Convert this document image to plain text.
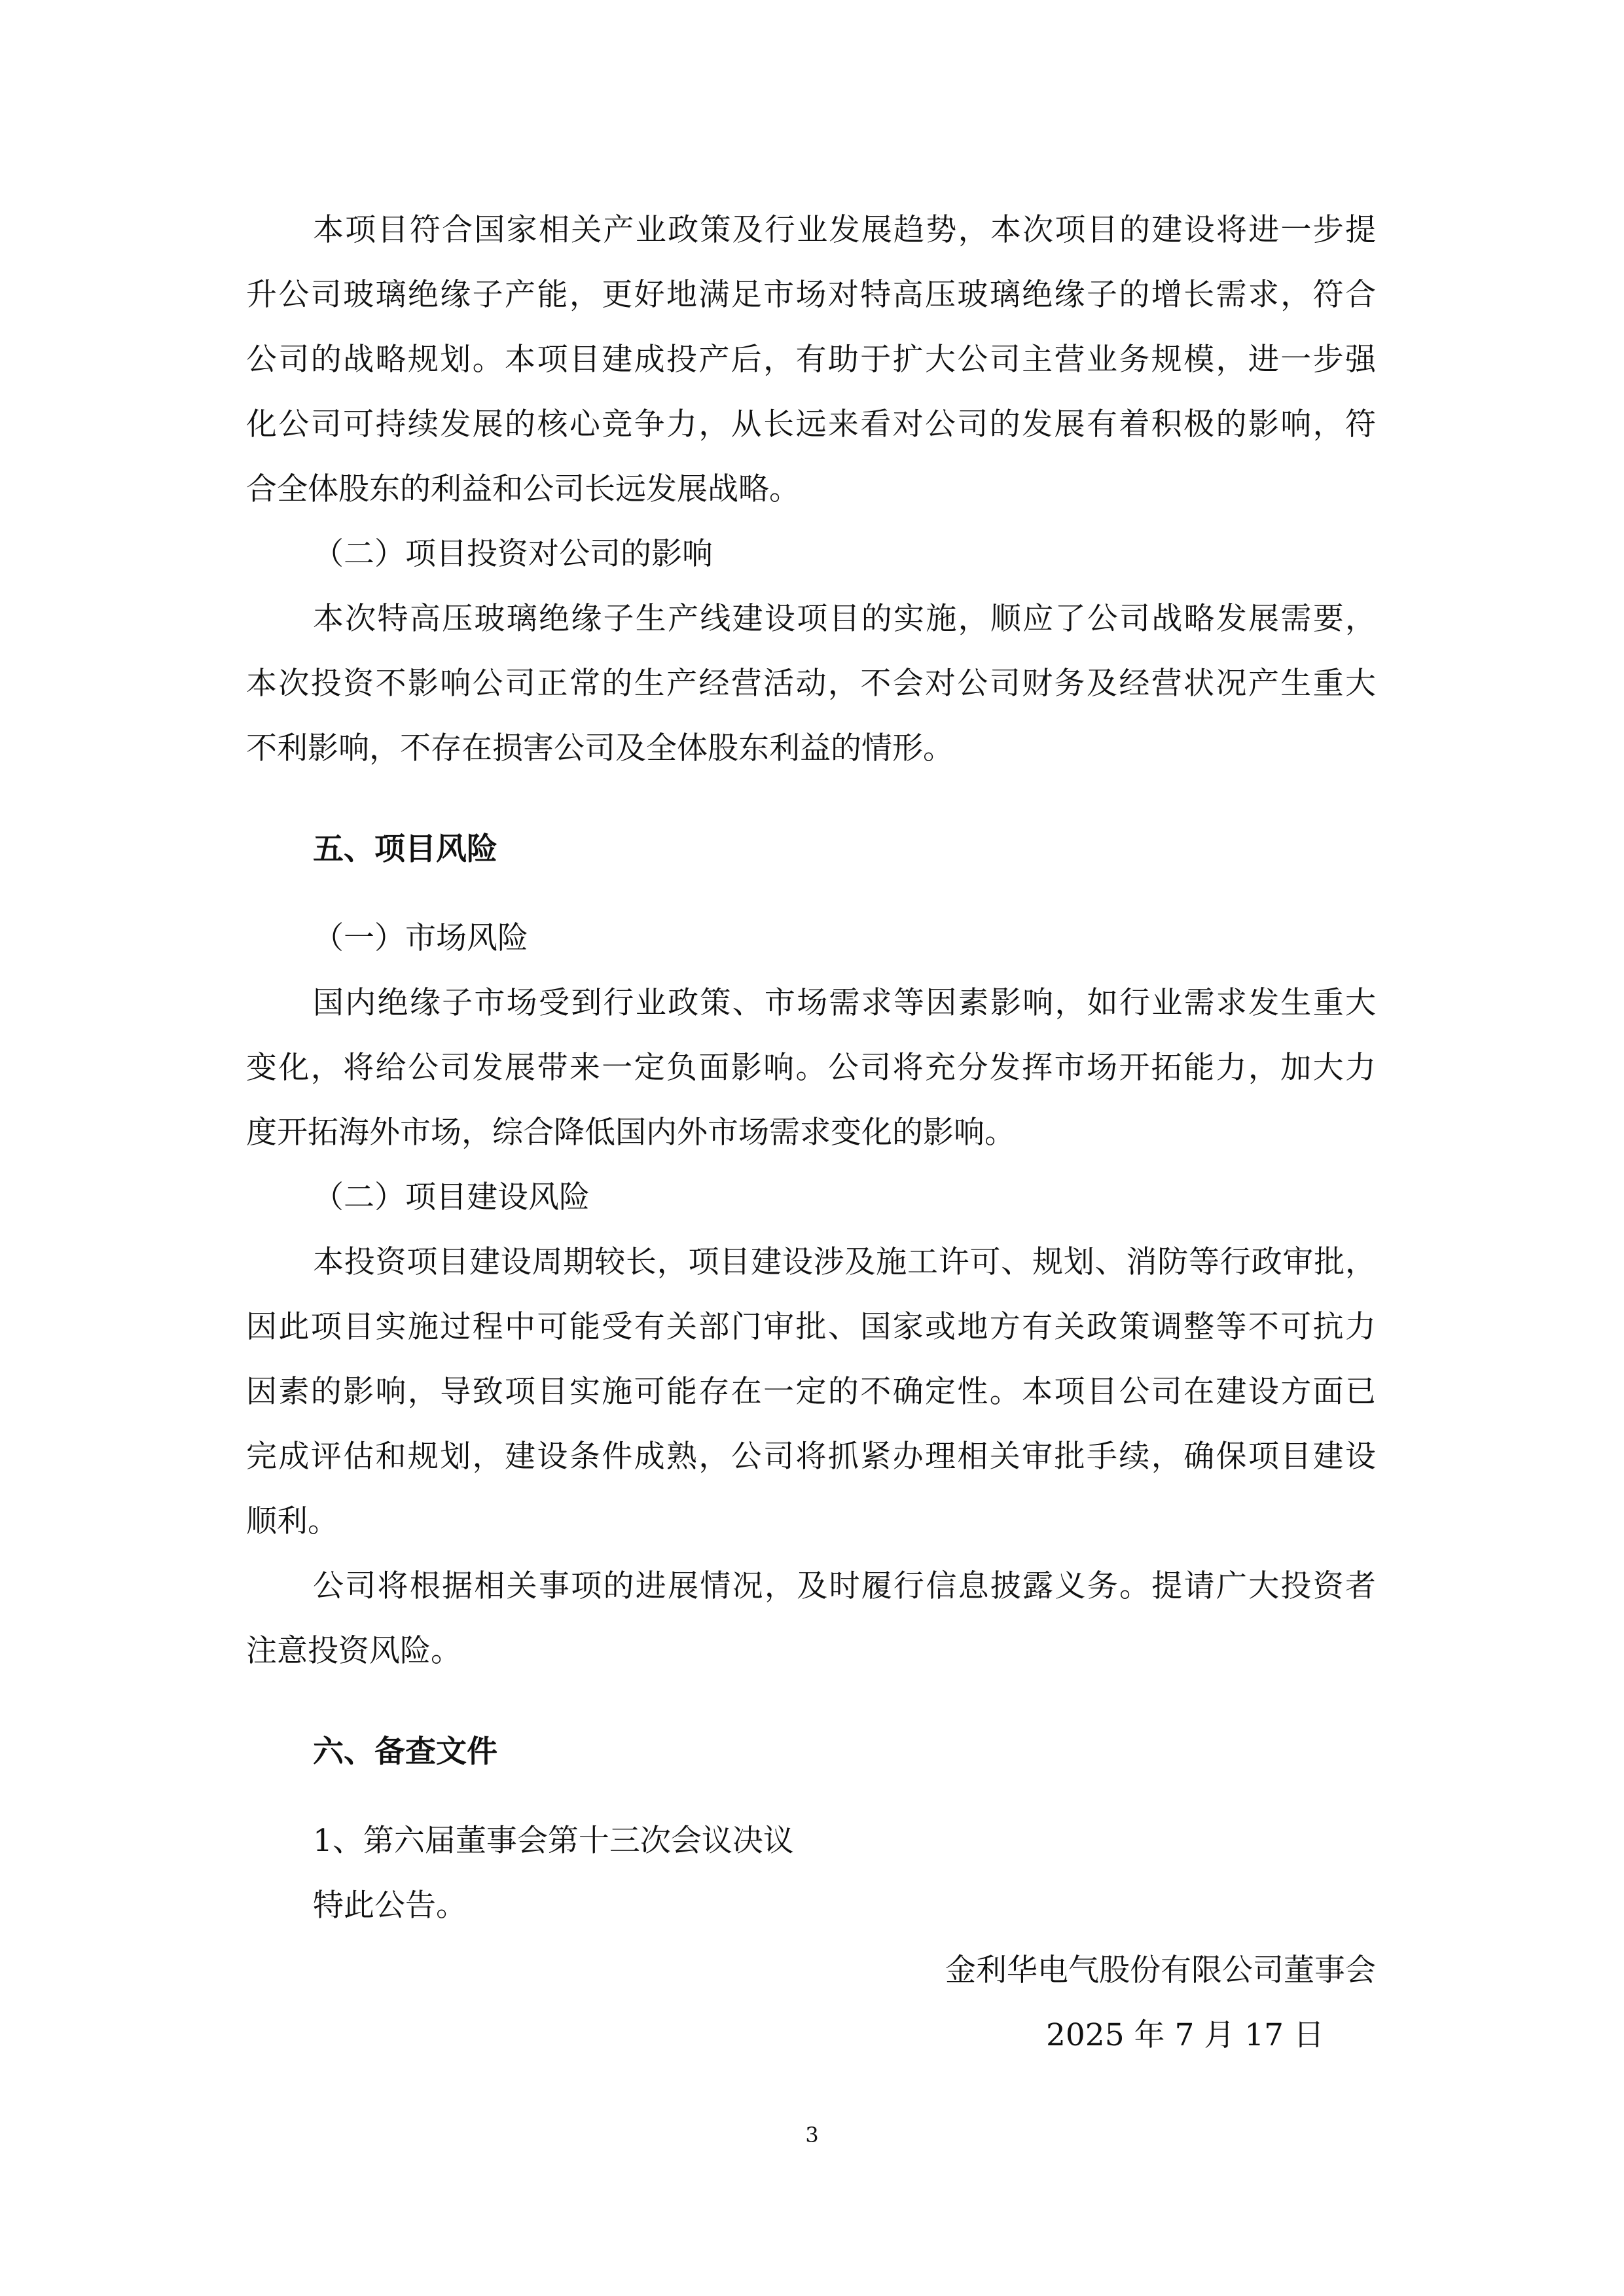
本项目符合国家相关产业政策及行业发展趋势，本次项目的建设将进一步提
升公司玻璃绝缘子产能，更好地满足市场对特高压玻璃绝缘子的增长需求，符合
公司的战略规划。本项目建成投产后，有助于扩大公司主营业务规模，进一步强
化公司可持续发展的核心竞争力，从长远来看对公司的发展有着积极的影响，符
合全体股东的利益和公司长远发展战略。
（二）项目投资对公司的影响
本次特高压玻璃绝缘子生产线建设项目的实施，顺应了公司战略发展需要，
本次投资不影响公司正常的生产经营活动，不会对公司财务及经营状况产生重大
不利影响，不存在损害公司及全体股东利益的情形。
五、项目风险
（一）市场风险
国内绝缘子市场受到行业政策、市场需求等因素影响，如行业需求发生重大
变化，将给公司发展带来一定负面影响。公司将充分发挥市场开拓能力，加大力
度开拓海外市场，综合降低国内外市场需求变化的影响。
（二）项目建设风险
本投资项目建设周期较长，项目建设涉及施工许可、规划、消防等行政审批，
因此项目实施过程中可能受有关部门审批、国家或地方有关政策调整等不可抗力
因素的影响，导致项目实施可能存在一定的不确定性。本项目公司在建设方面已
完成评估和规划，建设条件成熟，公司将抓紧办理相关审批手续，确保项目建设
顺利。
公司将根据相关事项的进展情况，及时履行信息披露义务。提请广大投资者
注意投资风险。
六、备查文件
1、第六届董事会第十三次会议决议
特此公告。
金利华电气股份有限公司董事会
2025 年 7 月 17 日
3
